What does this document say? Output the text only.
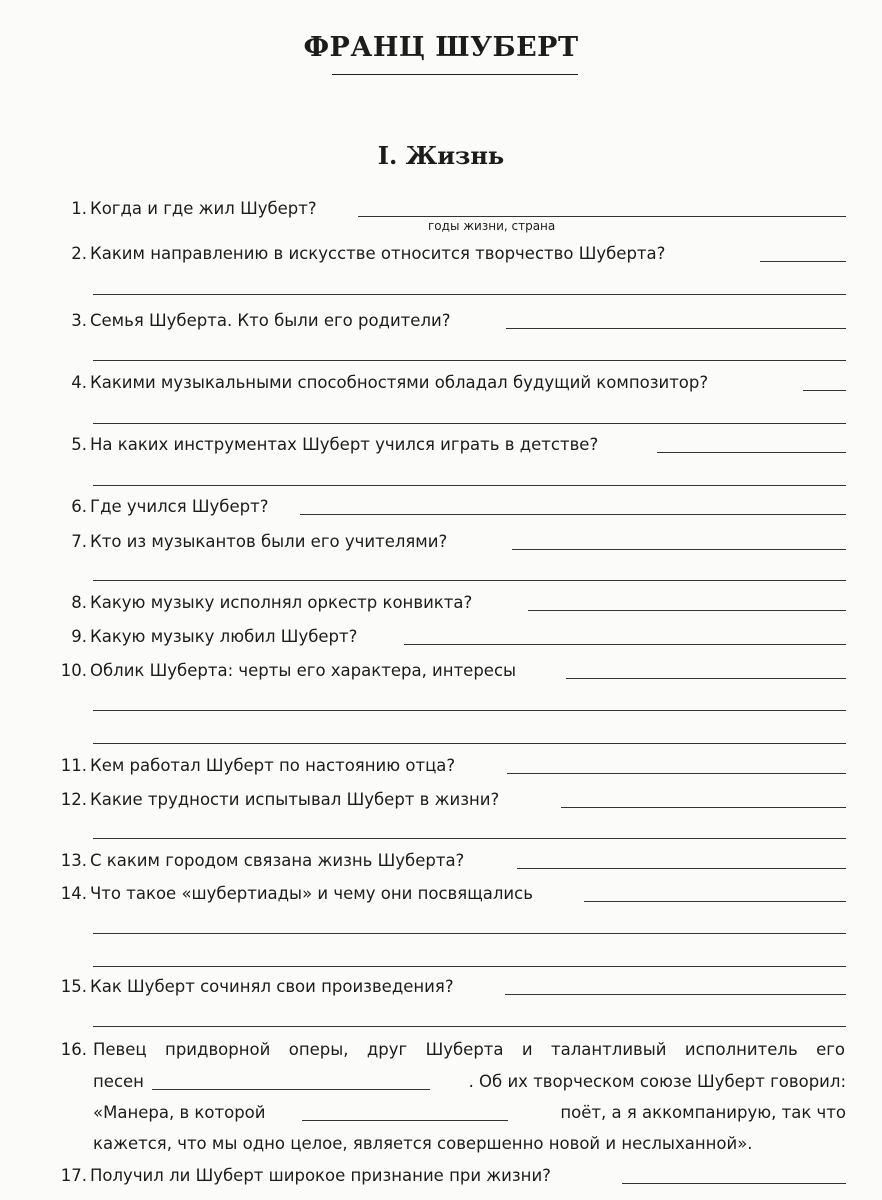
ФРАНЦ ШУБЕРТ
I. Жизнь
1. Когда и где жил Шуберт?
годы жизни, страна
2. Каким направлению в искусстве относится творчество Шуберта?
3. Семья Шуберта. Кто были его родители?
4. Какими музыкальными способностями обладал будущий композитор?
5. На каких инструментах Шуберт учился играть в детстве?
6. Где учился Шуберт?
7. Кто из музыкантов были его учителями?
8. Какую музыку исполнял оркестр конвикта?
9. Какую музыку любил Шуберт?
10. Облик Шуберта: черты его характера, интересы
11. Кем работал Шуберт по настоянию отца?
12. Какие трудности испытывал Шуберт в жизни?
13. С каким городом связана жизнь Шуберта?
14. Что такое «шубертиады» и чему они посвящались
15. Как Шуберт сочинял свои произведения?
16. Певец придворной оперы, друг Шуберта и талантливый исполнитель его
песен	. Об их творческом союзе Шуберт говорил:
«Манера, в которой	поёт, а я аккомпанирую, так что
кажется, что мы одно целое, является совершенно новой и неслыханной».
17. Получил ли Шуберт широкое признание при жизни?
